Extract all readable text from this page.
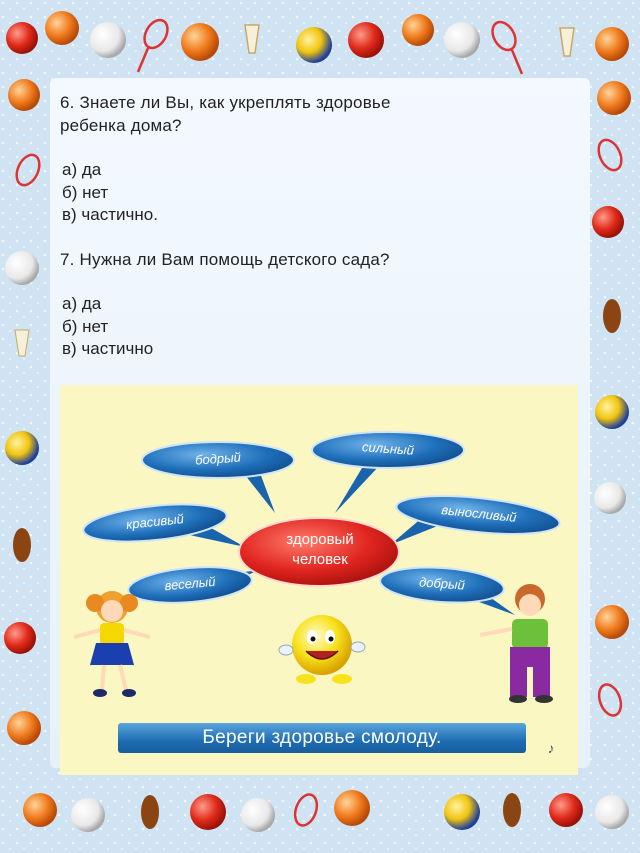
6. Знаете ли Вы, как укреплять здоровье

ребенка дома?

а) да

б) нет

в) частично.

7. Нужна ли Вам помощь детского сада?

а) да

б) нет

в) частично

бодрый
сильный
красивый	выносливый
веселый	добрый
здоровый
человек
Береги здоровье смолоду.	♪
